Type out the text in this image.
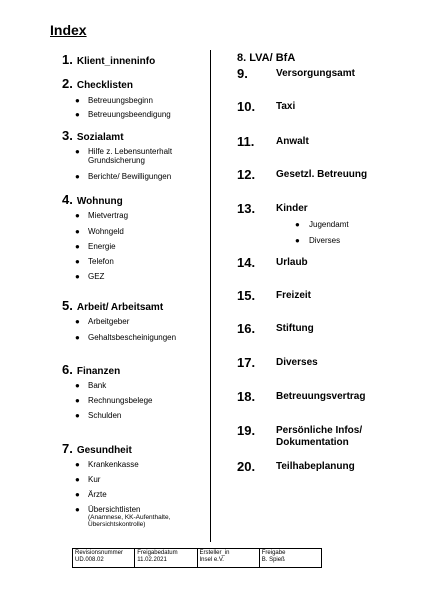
Index
1. Klient_inneninfo
2. Checklisten
● Betreuungsbeginn
● Betreuungsbeendigung
3. Sozialamt
● Hilfe z. Lebensunterhalt Grundsicherung
● Berichte/ Bewilligungen
4. Wohnung
● Mietvertrag
● Wohngeld
● Energie
● Telefon
● GEZ
5. Arbeit/ Arbeitsamt
● Arbeitgeber
● Gehaltsbescheinigungen
6. Finanzen
● Bank
● Rechnungsbelege
● Schulden
7. Gesundheit
● Krankenkasse
● Kur
● Ärzte
● Übersichtlisten
(Anamnese, KK-Aufenthalte,
Übersichtskontrolle)
8. LVA/ BfA
9.	Versorgungsamt
10. Taxi
11. Anwalt
12. Gesetzl. Betreuung
13. Kinder
● Jugendamt
● Diverses
14. Urlaub
15. Freizeit
16. Stiftung
17. Diverses
18. Betreuungsvertrag
19. Persönliche Infos/
Dokumentation
20. Teilhabeplanung
Revisionsnummer
UD.008.02
Freigabedatum
11.02.2021
Ersteller_in
Insel e.V.
Freigabe
B. Spieß
